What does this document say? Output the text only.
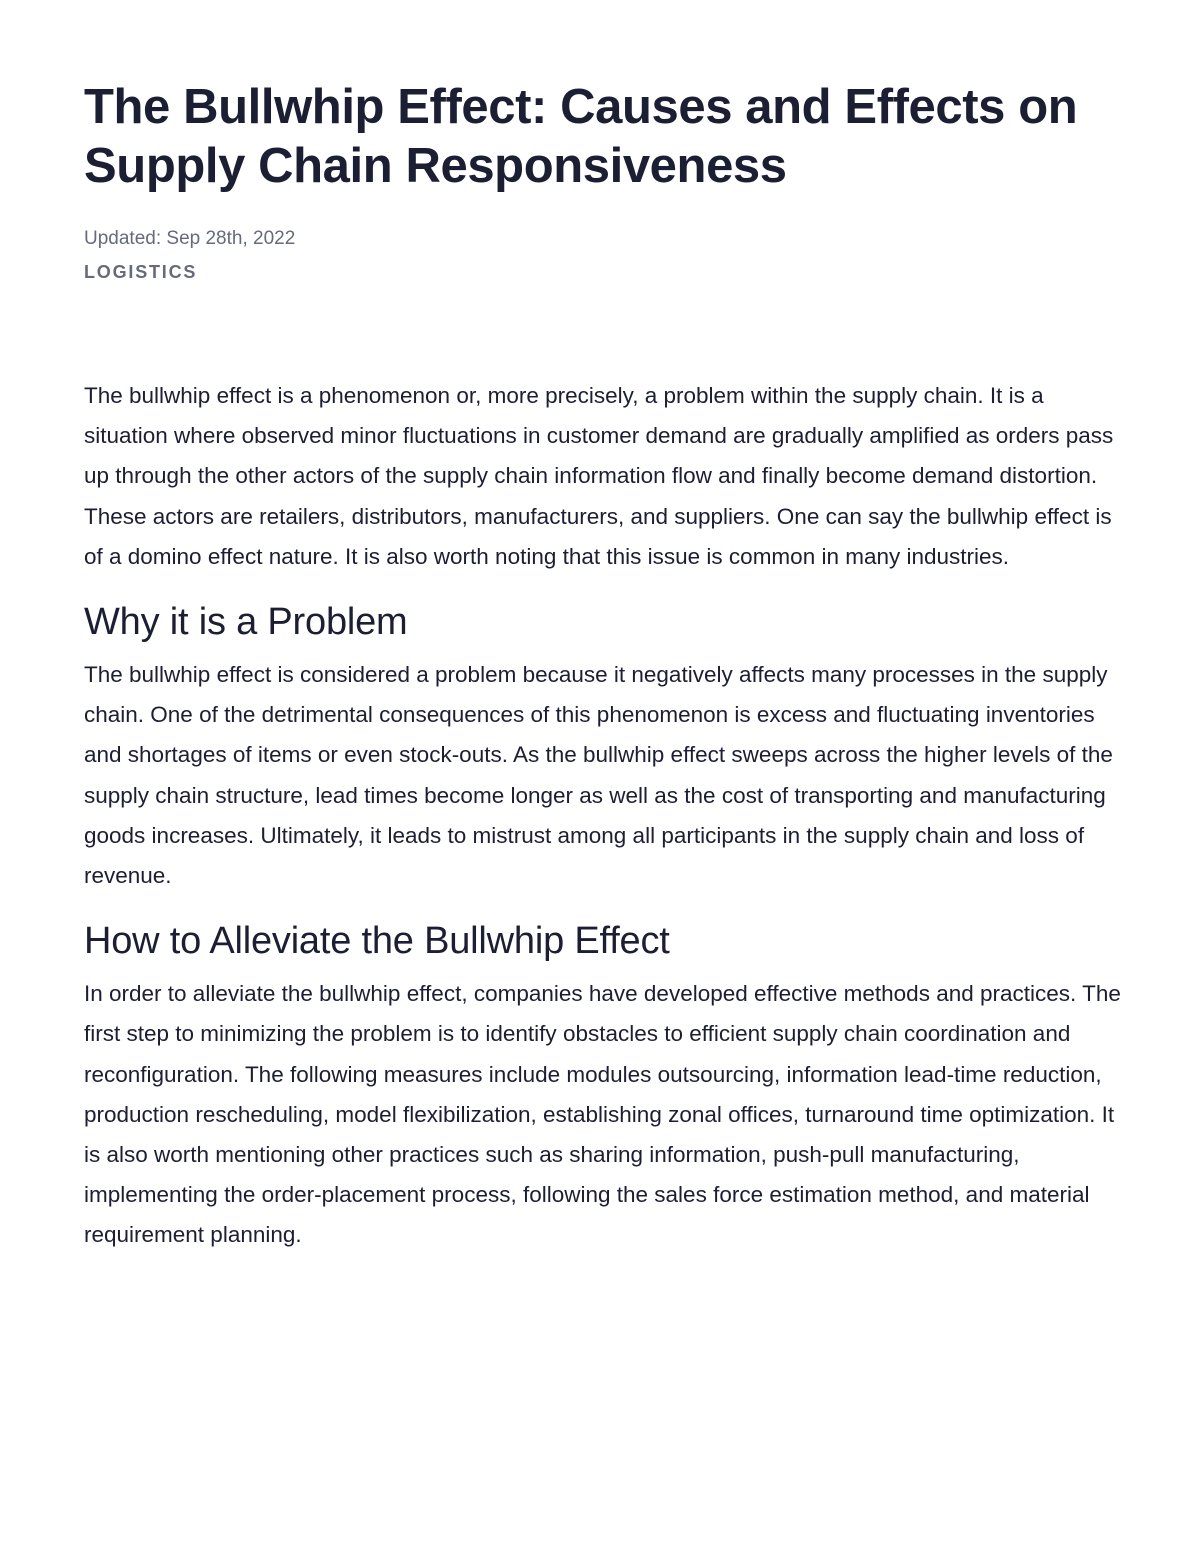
The Bullwhip Effect: Causes and Effects on Supply Chain Responsiveness
Updated: Sep 28th, 2022
LOGISTICS

The bullwhip effect is a phenomenon or, more precisely, a problem within the supply chain. It is a situation where observed minor fluctuations in customer demand are gradually amplified as orders pass up through the other actors of the supply chain information flow and finally become demand distortion. These actors are retailers, distributors, manufacturers, and suppliers. One can say the bullwhip effect is of a domino effect nature. It is also worth noting that this issue is common in many industries.

Why it is a Problem

The bullwhip effect is considered a problem because it negatively affects many processes in the supply chain. One of the detrimental consequences of this phenomenon is excess and fluctuating inventories and shortages of items or even stock-outs. As the bullwhip effect sweeps across the higher levels of the supply chain structure, lead times become longer as well as the cost of transporting and manufacturing goods increases. Ultimately, it leads to mistrust among all participants in the supply chain and loss of revenue.

How to Alleviate the Bullwhip Effect

In order to alleviate the bullwhip effect, companies have developed effective methods and practices. The first step to minimizing the problem is to identify obstacles to efficient supply chain coordination and reconfiguration. The following measures include modules outsourcing, information lead-time reduction, production rescheduling, model flexibilization, establishing zonal offices, turnaround time optimization. It is also worth mentioning other practices such as sharing information, push-pull manufacturing, implementing the order-placement process, following the sales force estimation method, and material requirement planning.
